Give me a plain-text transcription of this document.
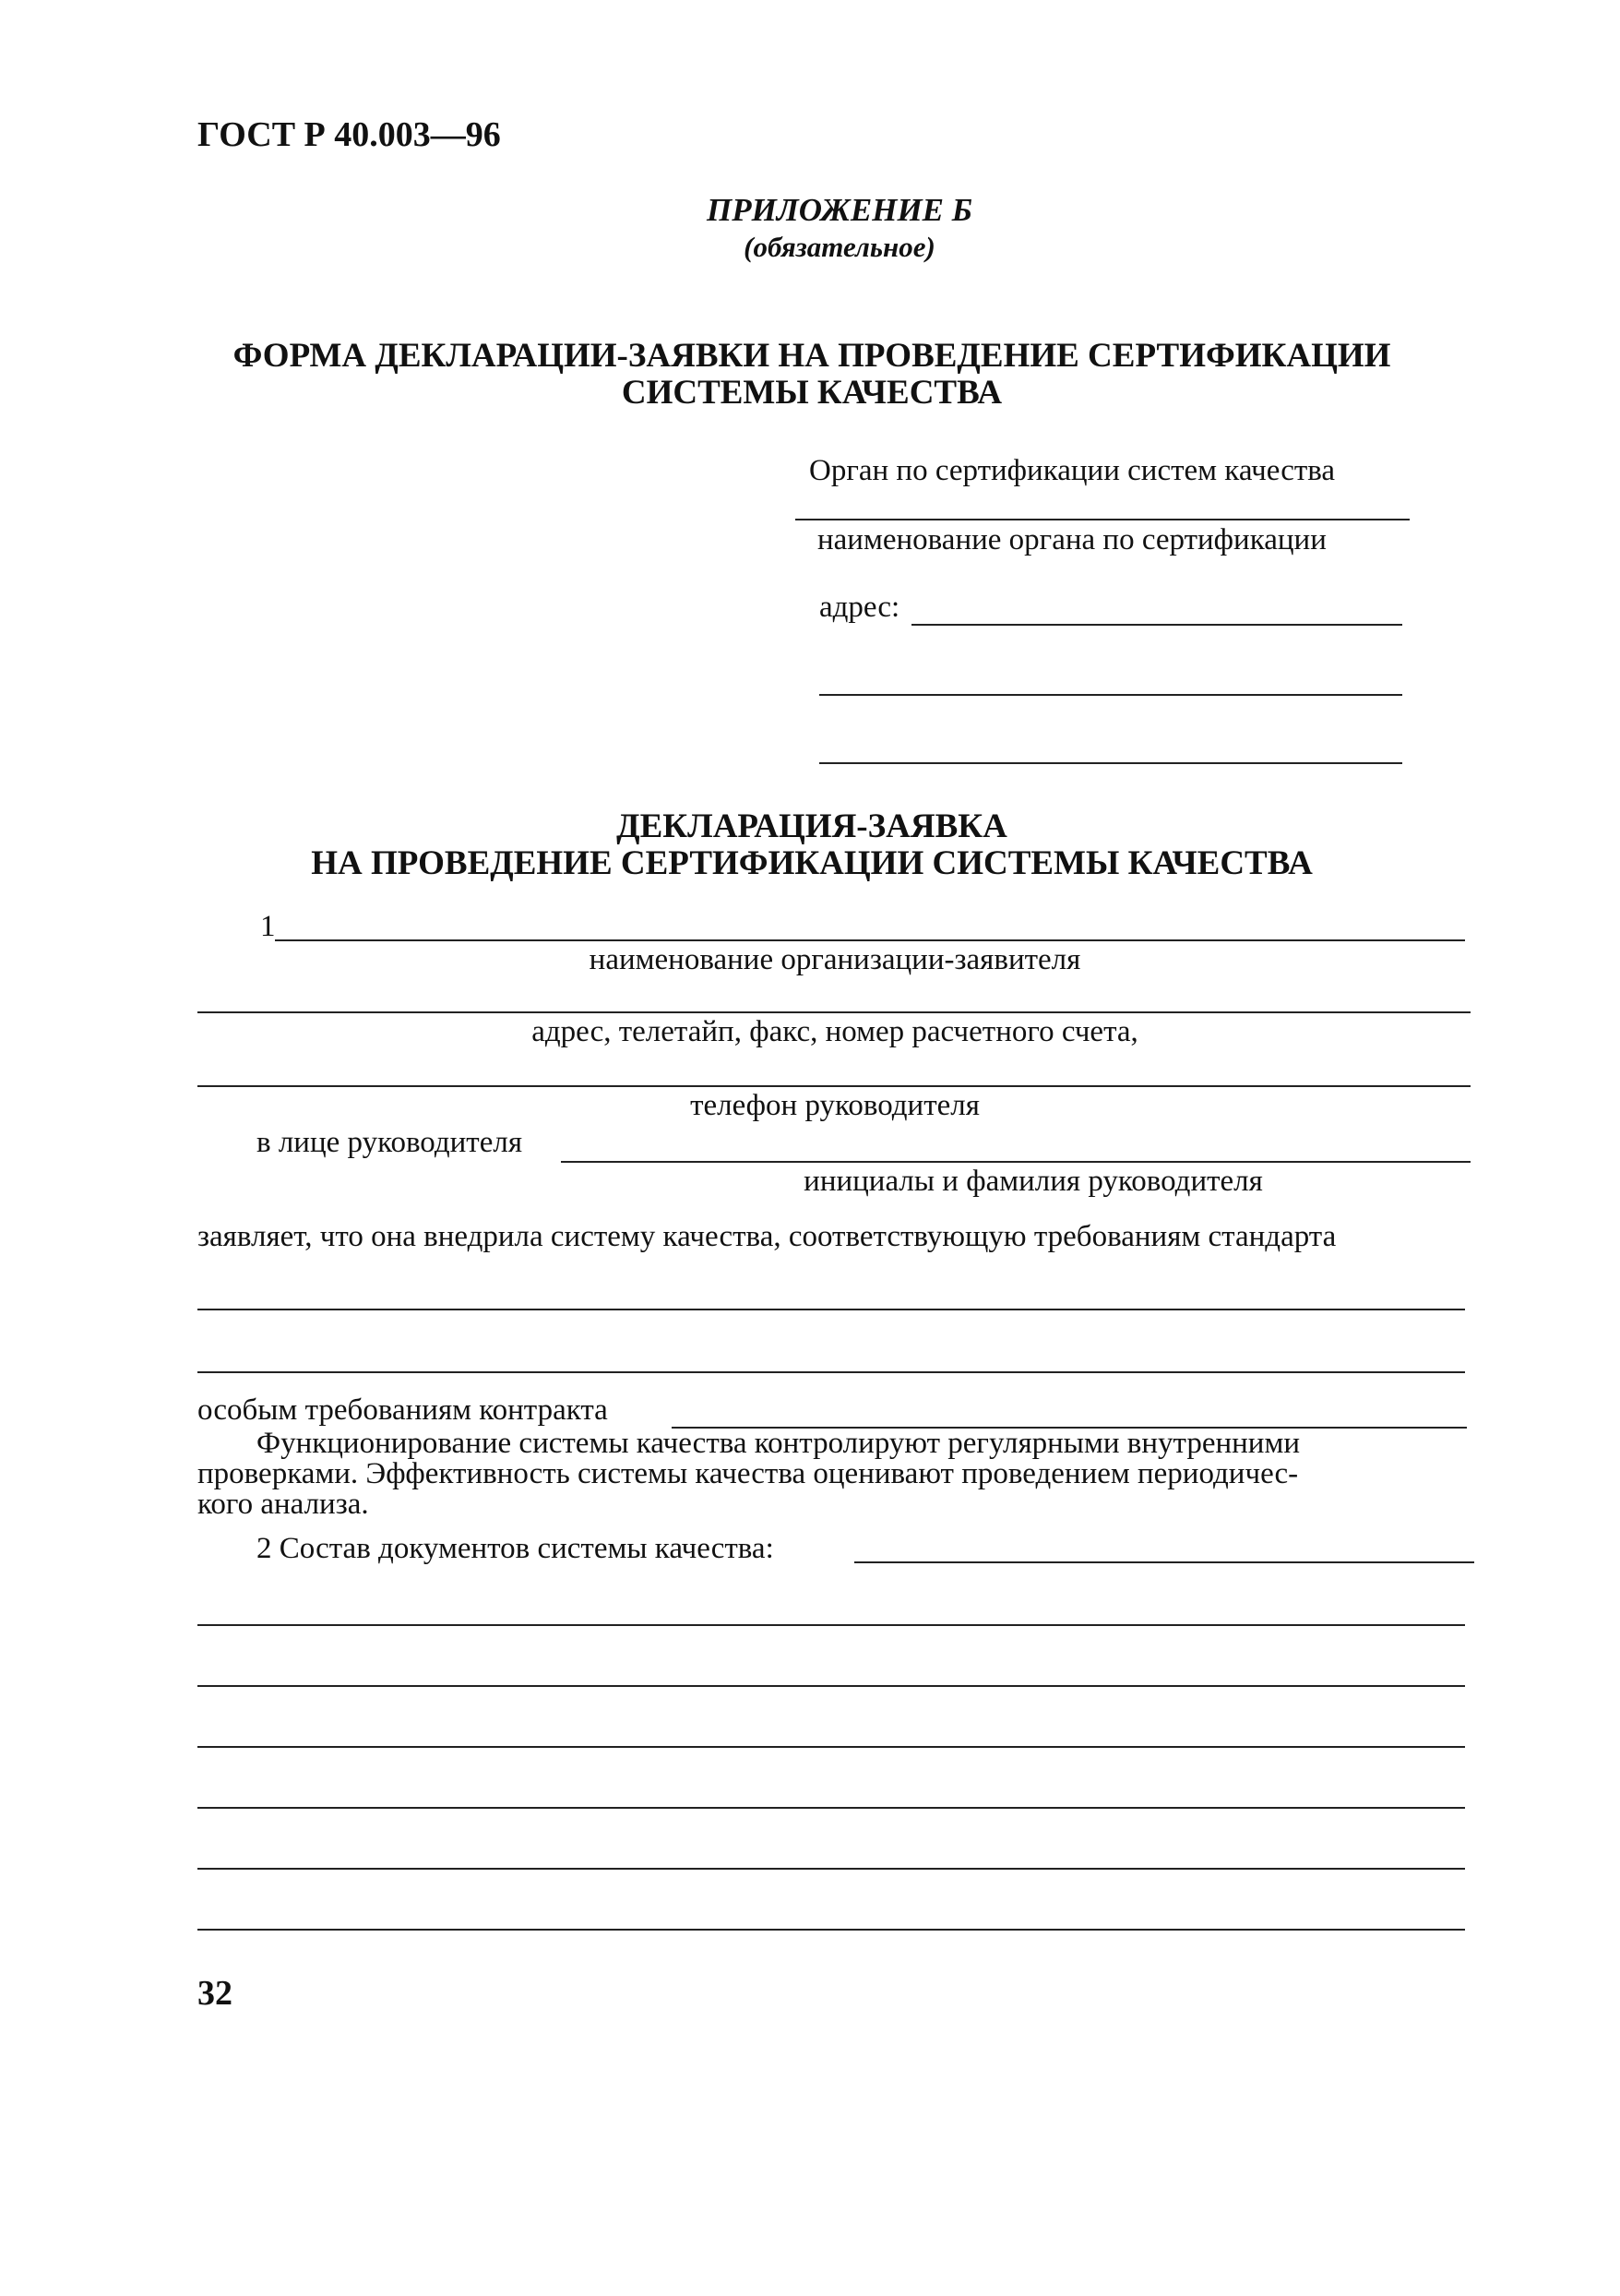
ГОСТ Р 40.003—96
ПРИЛОЖЕНИЕ Б
(обязательное)
ФОРМА ДЕКЛАРАЦИИ-ЗАЯВКИ НА ПРОВЕДЕНИЕ СЕРТИФИКАЦИИ
СИСТЕМЫ КАЧЕСТВА
Орган по сертификации систем качества
наименование органа по сертификации
адрес:
ДЕКЛАРАЦИЯ-ЗАЯВКА
НА ПРОВЕДЕНИЕ СЕРТИФИКАЦИИ СИСТЕМЫ КАЧЕСТВА
1
наименование организации-заявителя
адрес, телетайп, факс, номер расчетного счета,
телефон руководителя
в лице руководителя
инициалы и фамилия руководителя
заявляет, что она внедрила систему качества, соответствующую требованиям стандарта
особым требованиям контракта
Функционирование системы качества контролируют регулярными внутренними
проверками. Эффективность системы качества оценивают проведением периодичес-
кого анализа.
2 Состав документов системы качества:
32
